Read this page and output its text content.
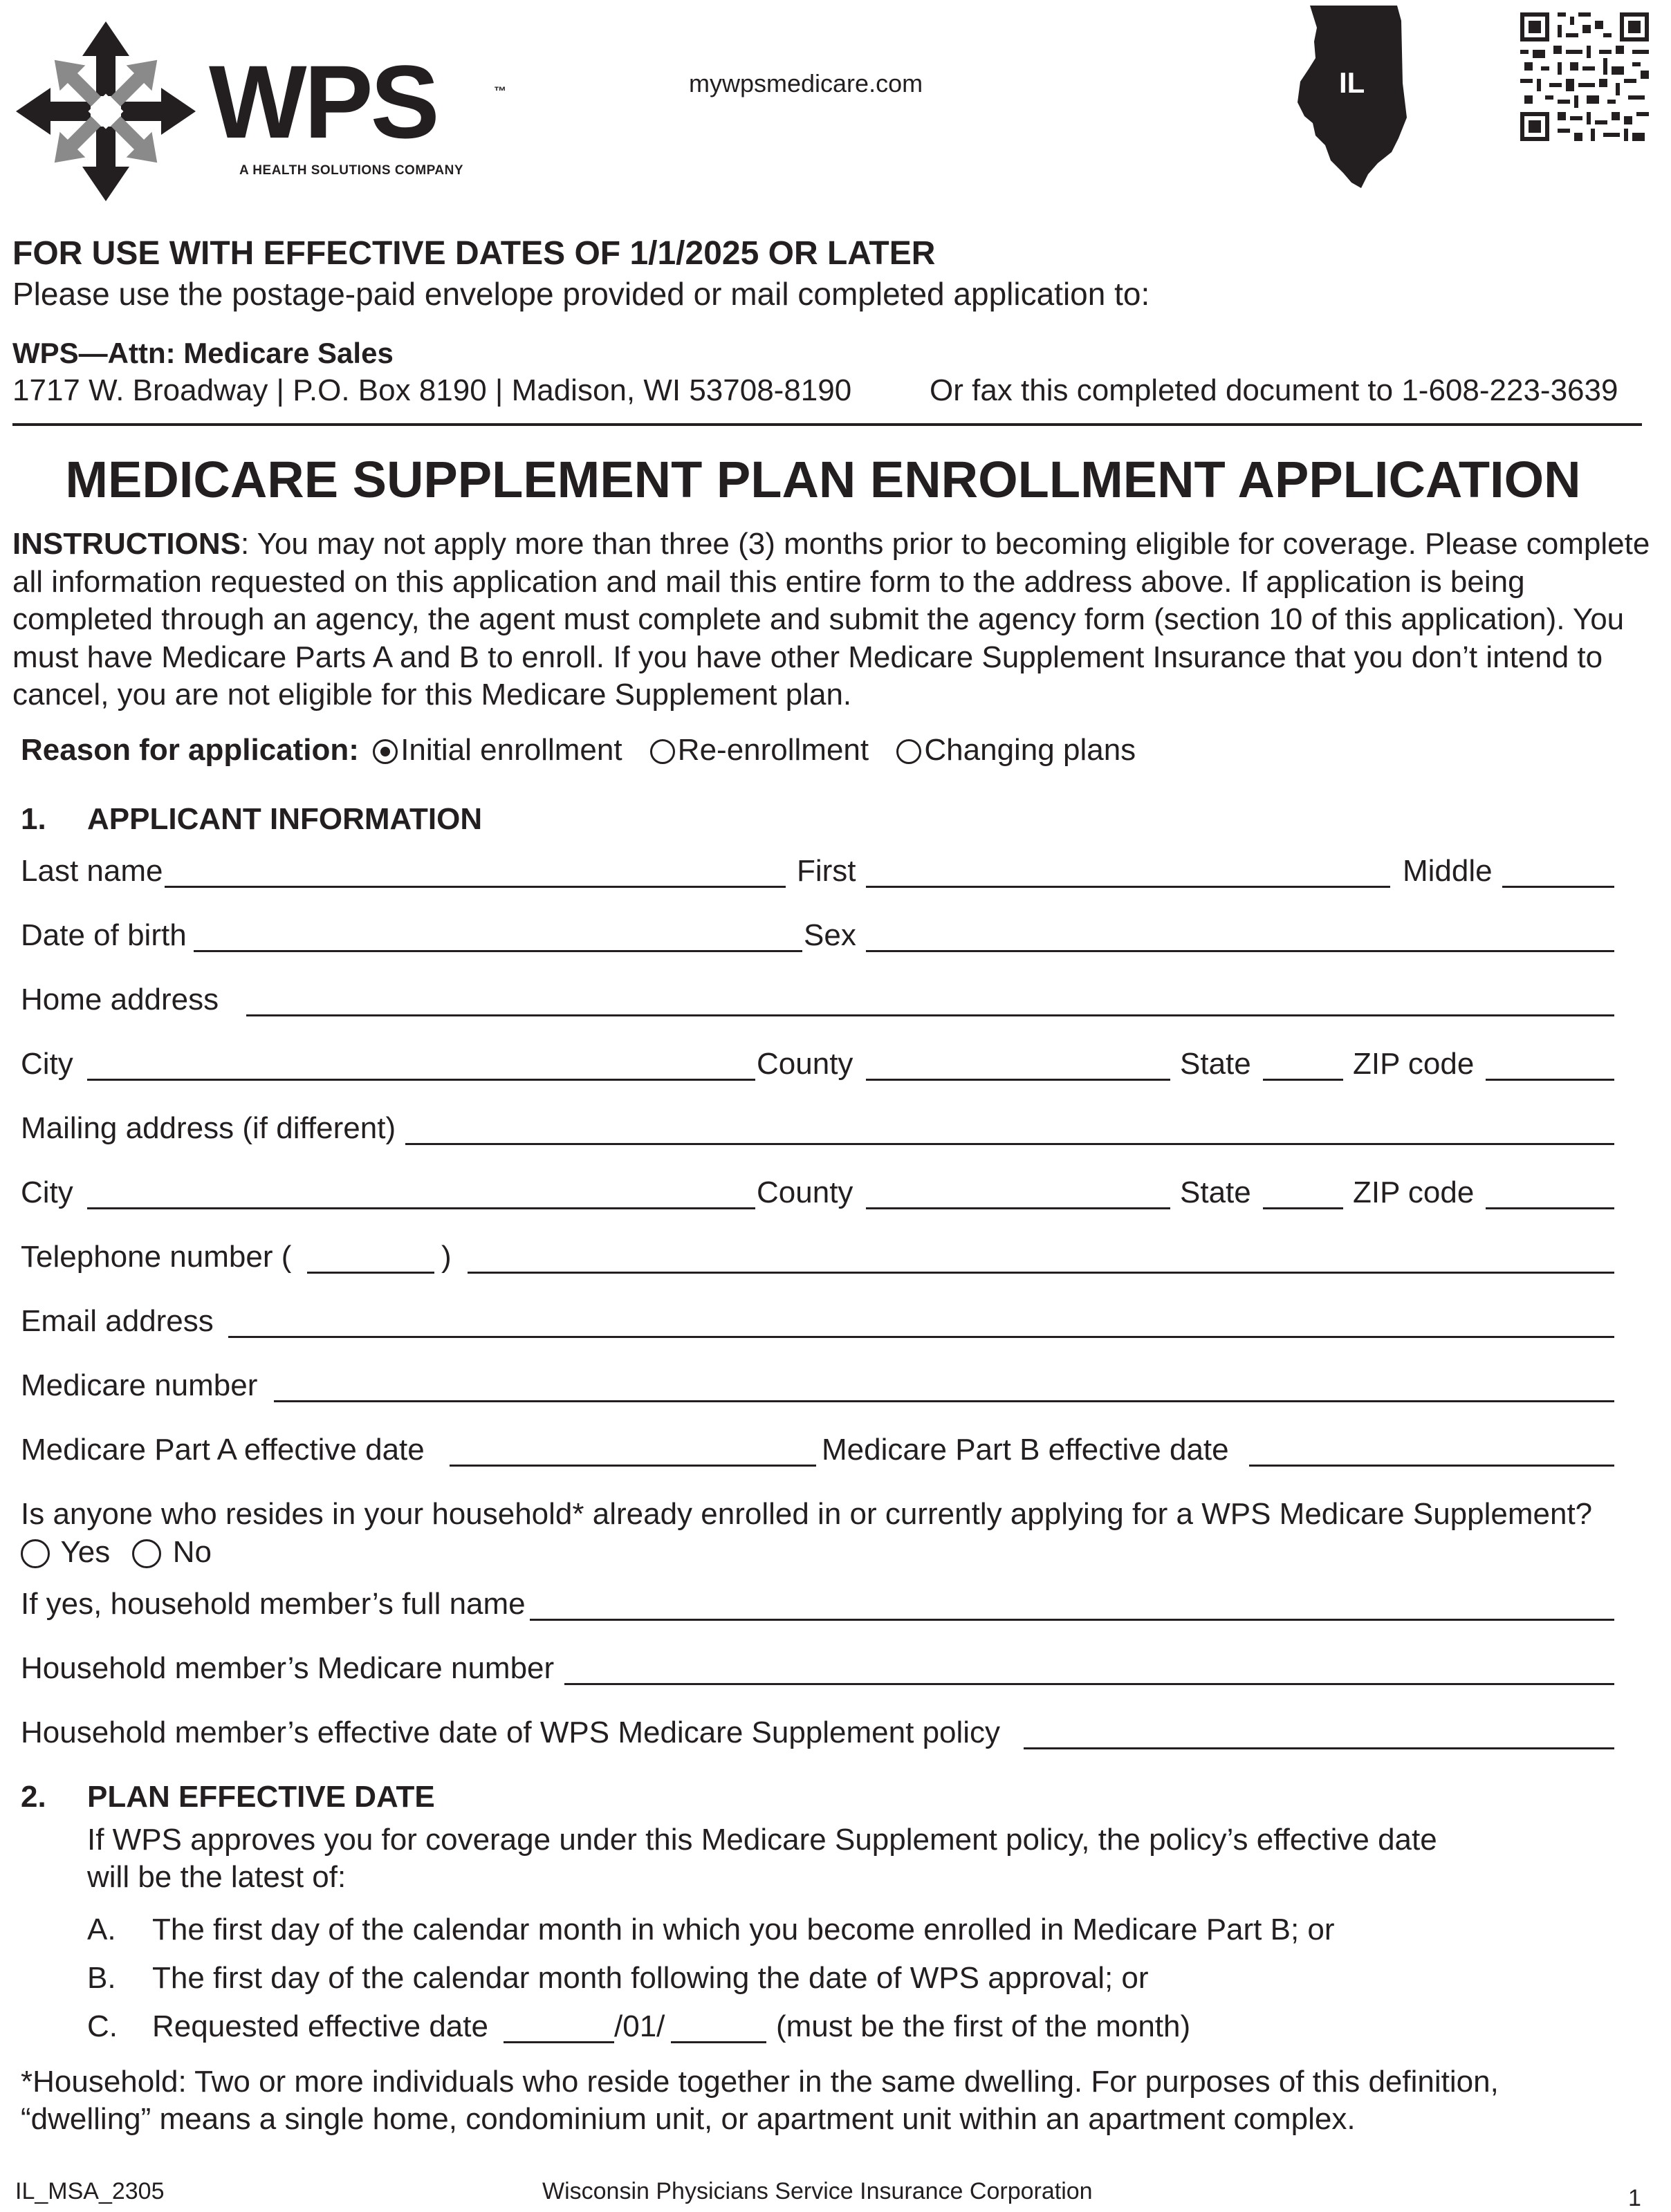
WPS	™
A HEALTH SOLUTIONS COMPANY
mywpsmedicare.com	IL
FOR USE WITH EFFECTIVE DATES OF 1/1/2025 OR LATER
Please use the postage-paid envelope provided or mail completed application to:
WPS—Attn: Medicare Sales
1717 W. Broadway | P.O. Box 8190 | Madison, WI 53708-8190	Or fax this completed document to 1-608-223-3639
MEDICARE SUPPLEMENT PLAN ENROLLMENT APPLICATION
INSTRUCTIONS: You may not apply more than three (3) months prior to becoming eligible for coverage. Please complete all information requested on this application and mail this entire form to the address above. If application is being completed through an agency, the agent must complete and submit the agency form (section 10 of this application). You must have Medicare Parts A and B to enroll. If you have other Medicare Supplement Insurance that you don’t intend to cancel, you are not eligible for this Medicare Supplement plan.
Reason for application: Initial enrollment Re-enrollment Changing plans
1. APPLICANT INFORMATION
Last name	First	Middle
Date of birth	Sex
Home address
City	County	State	ZIP code
Mailing address (if different)
City	County	State	ZIP code
Telephone number (	)
Email address
Medicare number
Medicare Part A effective date	Medicare Part B effective date
Is anyone who resides in your household* already enrolled in or currently applying for a WPS Medicare Supplement?
Yes No
If yes, household member’s full name
Household member’s Medicare number
Household member’s effective date of WPS Medicare Supplement policy
2. PLAN EFFECTIVE DATE
If WPS approves you for coverage under this Medicare Supplement policy, the policy’s effective date
will be the latest of:
A. The first day of the calendar month in which you become enrolled in Medicare Part B; or
B. The first day of the calendar month following the date of WPS approval; or
C. Requested effective date	/01/	(must be the first of the month)
*Household: Two or more individuals who reside together in the same dwelling. For purposes of this definition,
“dwelling” means a single home, condominium unit, or apartment unit within an apartment complex.
IL_MSA_2305	Wisconsin Physicians Service Insurance Corporation	1
